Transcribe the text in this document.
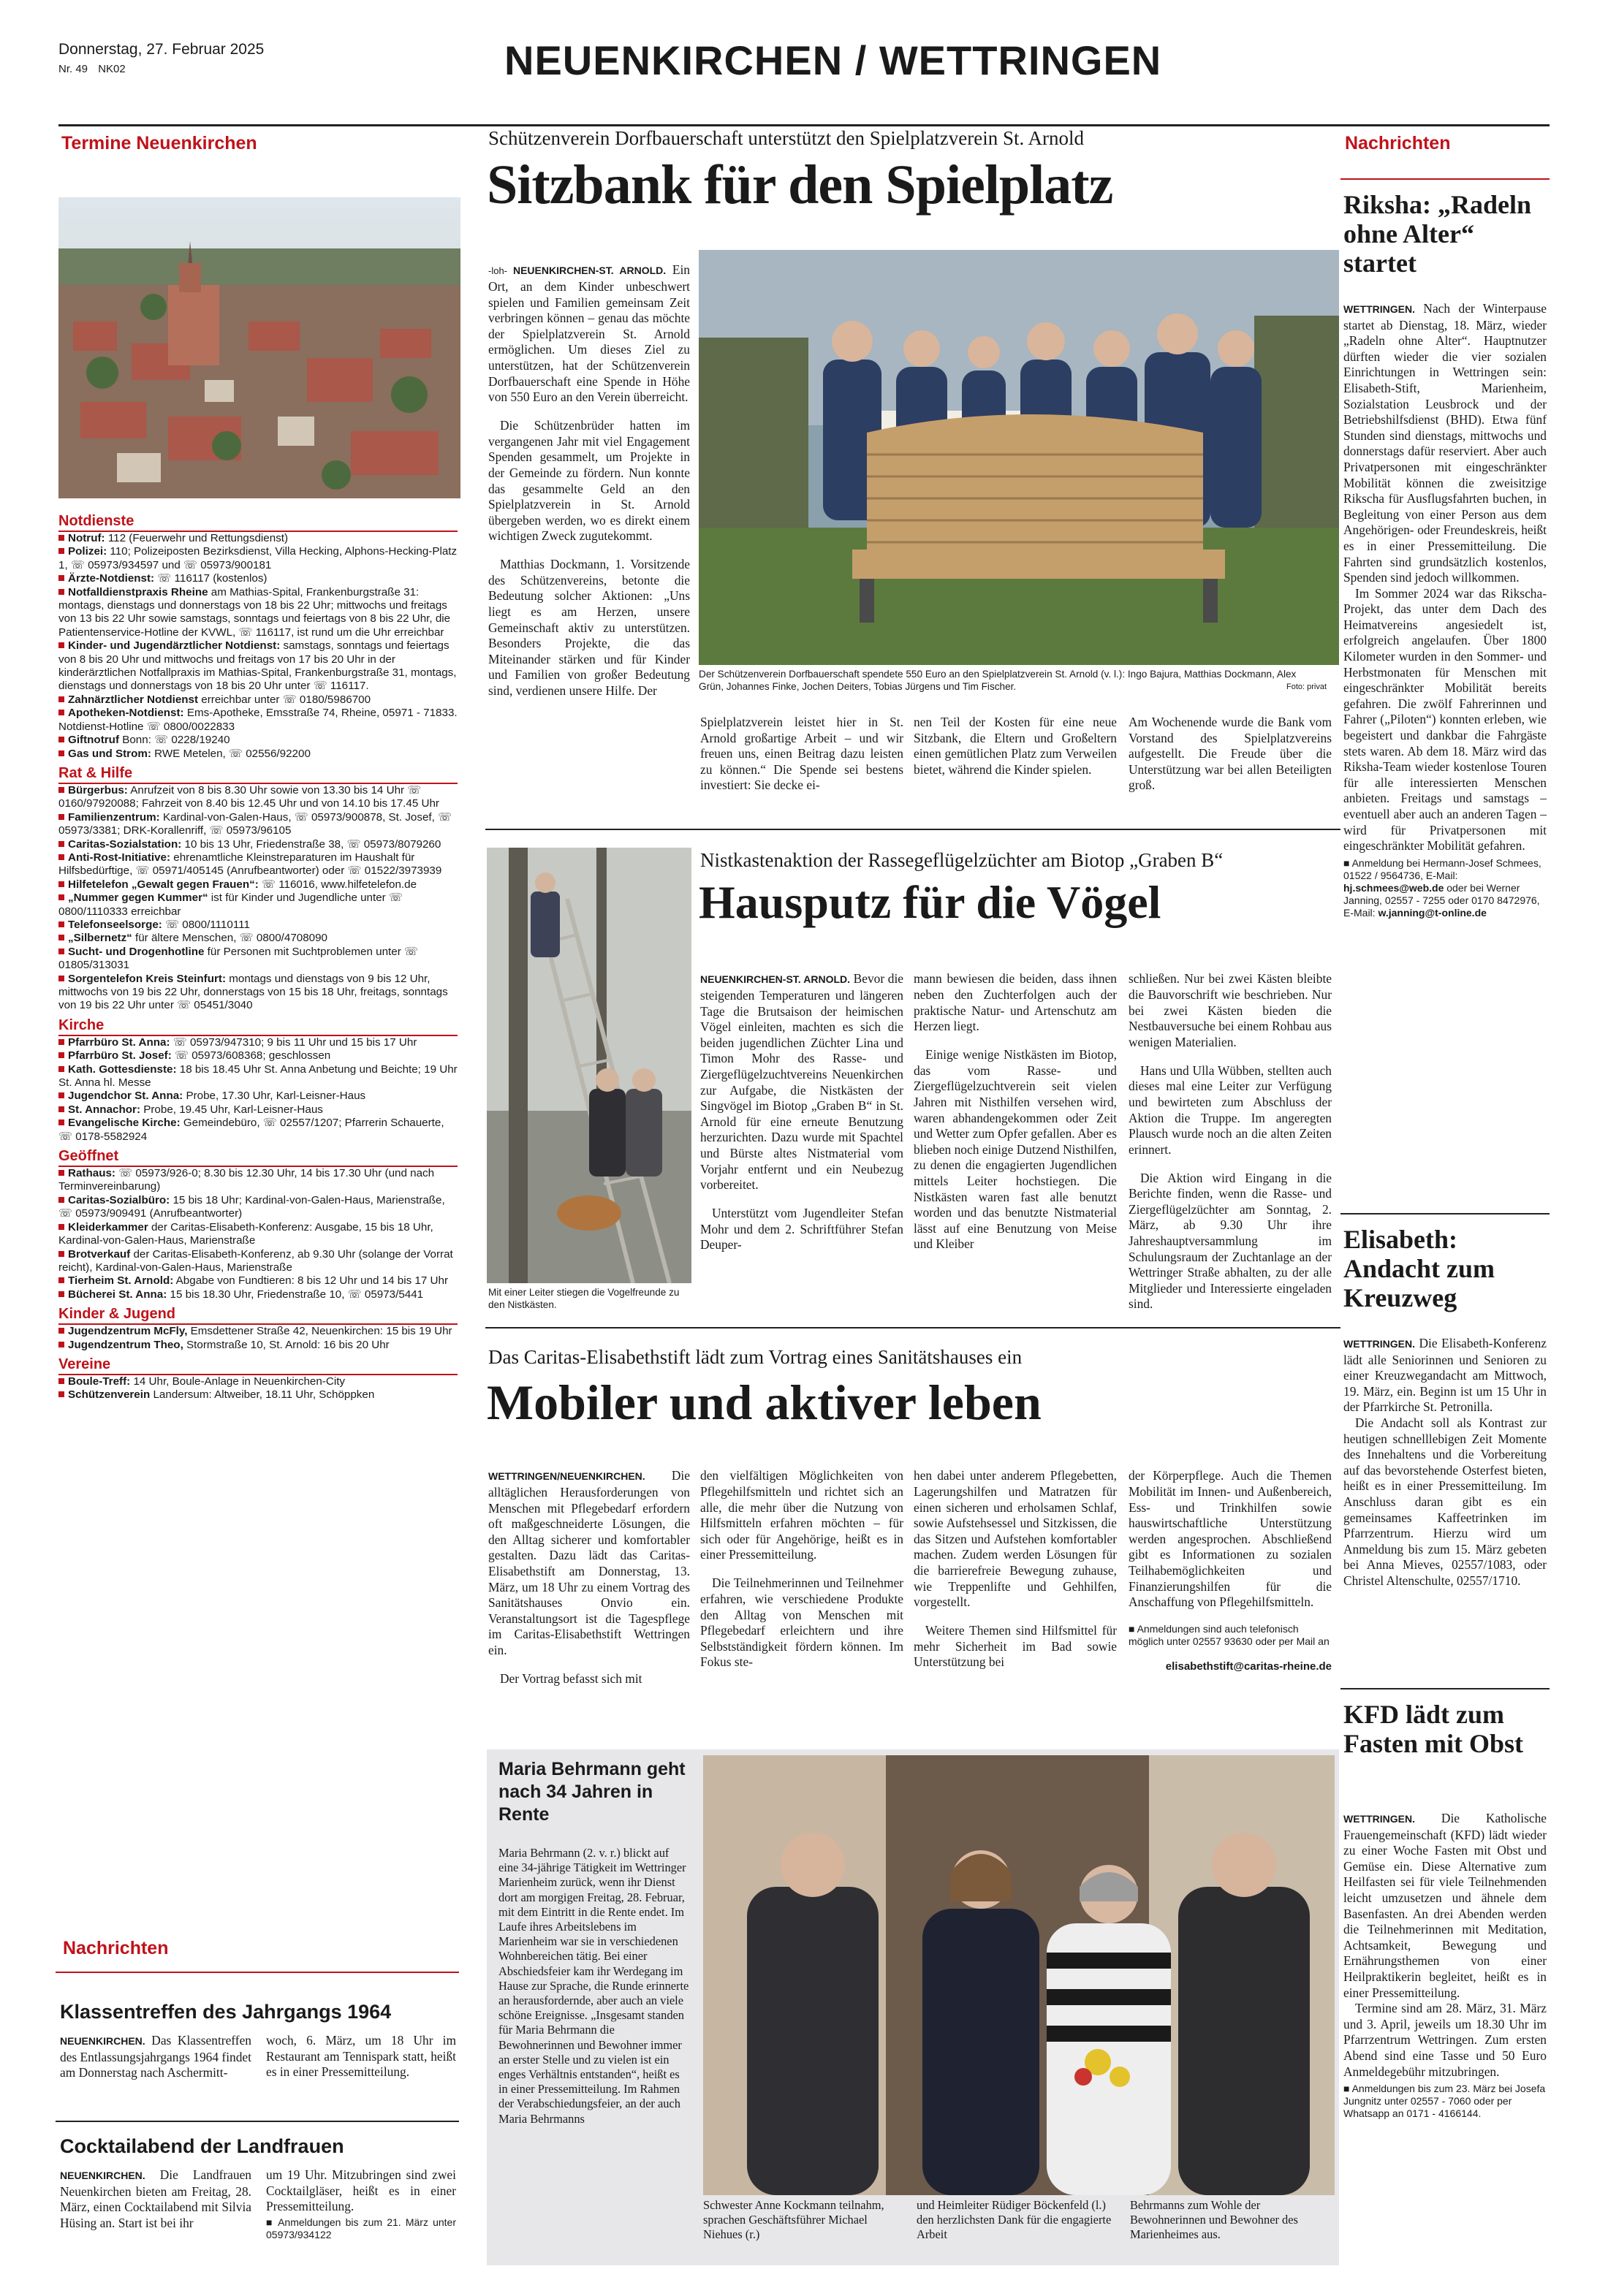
Donnerstag, 27. Februar 2025
Nr. 49 NK02	NEUENKIRCHEN / WETTRINGEN
Termine Neuenkirchen
Notdienste
Notruf: 112 (Feuerwehr und Rettungsdienst)
Polizei: 110; Polizeiposten Bezirksdienst, Villa Hecking, Alphons-Hecking-Platz 1, ☏ 05973/934597 und ☏ 05973/900181
Ärzte-Notdienst: ☏ 116117 (kostenlos)
Notfalldienstpraxis Rheine am Mathias-Spital, Frankenburgstraße 31: montags, dienstags und donnerstags von 18 bis 22 Uhr; mittwochs und freitags von 13 bis 22 Uhr sowie samstags, sonntags und feiertags von 8 bis 22 Uhr, die Patientenservice-Hotline der KVWL, ☏ 116117, ist rund um die Uhr erreichbar
Kinder- und Jugendärztlicher Notdienst: samstags, sonntags und feiertags von 8 bis 20 Uhr und mittwochs und freitags von 17 bis 20 Uhr in der kinderärztlichen Notfallpraxis im Mathias-Spital, Frankenburgstraße 31, montags, dienstags und donnerstags von 18 bis 20 Uhr unter ☏ 116117.
Zahnärztlicher Notdienst erreichbar unter ☏ 0180/5986700
Apotheken-Notdienst: Ems-Apotheke, Emsstraße 74, Rheine, 05971 - 71833. Notdienst-Hotline ☏ 0800/0022833
Giftnotruf Bonn: ☏ 0228/19240
Gas und Strom: RWE Metelen, ☏ 02556/92200
Rat & Hilfe
Bürgerbus: Anrufzeit von 8 bis 8.30 Uhr sowie von 13.30 bis 14 Uhr ☏ 0160/97920088; Fahrzeit von 8.40 bis 12.45 Uhr und von 14.10 bis 17.45 Uhr
Familienzentrum: Kardinal-von-Galen-Haus, ☏ 05973/900878, St. Josef, ☏ 05973/3381; DRK-Korallenriff, ☏ 05973/96105
Caritas-Sozialstation: 10 bis 13 Uhr, Friedenstraße 38, ☏ 05973/8079260
Anti-Rost-Initiative: ehrenamtliche Kleinstreparaturen im Haushalt für Hilfsbedürftige, ☏ 05971/405145 (Anrufbeantworter) oder ☏ 01522/3973939
Hilfetelefon „Gewalt gegen Frauen“: ☏ 116016, www.hilfetelefon.de
„Nummer gegen Kummer“ ist für Kinder und Jugendliche unter ☏ 0800/1110333 erreichbar
Telefonseelsorge: ☏ 0800/1110111
„Silbernetz“ für ältere Menschen, ☏ 0800/4708090
Sucht- und Drogenhotline für Personen mit Suchtproblemen unter ☏ 01805/313031
Sorgentelefon Kreis Steinfurt: montags und dienstags von 9 bis 12 Uhr, mittwochs von 19 bis 22 Uhr, donnerstags von 15 bis 18 Uhr, freitags, sonntags von 19 bis 22 Uhr unter ☏ 05451/3040
Kirche
Pfarrbüro St. Anna: ☏ 05973/947310; 9 bis 11 Uhr und 15 bis 17 Uhr
Pfarrbüro St. Josef: ☏ 05973/608368; geschlossen
Kath. Gottesdienste: 18 bis 18.45 Uhr St. Anna Anbetung und Beichte; 19 Uhr St. Anna hl. Messe
Jugendchor St. Anna: Probe, 17.30 Uhr, Karl-Leisner-Haus
St. Annachor: Probe, 19.45 Uhr, Karl-Leisner-Haus
Evangelische Kirche: Gemeindebüro, ☏ 02557/1207; Pfarrerin Schauerte, ☏ 0178-5582924
Geöffnet
Rathaus: ☏ 05973/926-0; 8.30 bis 12.30 Uhr, 14 bis 17.30 Uhr (und nach Terminvereinbarung)
Caritas-Sozialbüro: 15 bis 18 Uhr; Kardinal-von-Galen-Haus, Marienstraße, ☏ 05973/909491 (Anrufbeantworter)
Kleiderkammer der Caritas-Elisabeth-Konferenz: Ausgabe, 15 bis 18 Uhr, Kardinal-von-Galen-Haus, Marienstraße
Brotverkauf der Caritas-Elisabeth-Konferenz, ab 9.30 Uhr (solange der Vorrat reicht), Kardinal-von-Galen-Haus, Marienstraße
Tierheim St. Arnold: Abgabe von Fundtieren: 8 bis 12 Uhr und 14 bis 17 Uhr
Bücherei St. Anna: 15 bis 18.30 Uhr, Friedenstraße 10, ☏ 05973/5441
Kinder & Jugend
Jugendzentrum McFly, Emsdettener Straße 42, Neuenkirchen: 15 bis 19 Uhr
Jugendzentrum Theo, Stormstraße 10, St. Arnold: 16 bis 20 Uhr
Vereine
Boule-Treff: 14 Uhr, Boule-Anlage in Neuenkirchen-City
Schützenverein Landersum: Altweiber, 18.11 Uhr, Schöppken
Nachrichten
Klassentreffen des Jahrgangs 1964
NEUENKIRCHEN. Das Klassentreffen des Entlassungsjahrgangs 1964 findet am Donnerstag nach Aschermitt-
woch, 6. März, um 18 Uhr im Restaurant am Tennispark statt, heißt es in einer Pressemitteilung.
Cocktailabend der Landfrauen
NEUENKIRCHEN. Die Landfrauen Neuenkirchen bieten am Freitag, 28. März, einen Cocktailabend mit Silvia Hüsing an. Start ist bei ihr
um 19 Uhr. Mitzubringen sind zwei Cocktailgläser, heißt es in einer Pressemitteilung.
■ Anmeldungen bis zum 21. März unter 05973/934122
Schützenverein Dorfbauerschaft unterstützt den Spielplatzverein St. Arnold
Sitzbank für den Spielplatz

-loh- NEUENKIRCHEN-ST. ARNOLD. Ein Ort, an dem Kinder unbeschwert spielen und Familien gemeinsam Zeit verbringen können – genau das möchte der Spielplatzverein St. Arnold ermöglichen. Um dieses Ziel zu unterstützen, hat der Schützenverein Dorfbauerschaft eine Spende in Höhe von 550 Euro an den Verein überreicht.

Die Schützenbrüder hatten im vergangenen Jahr mit viel Engagement Spenden gesammelt, um Projekte in der Gemeinde zu fördern. Nun konnte das gesammelte Geld an den Spielplatzverein in St. Arnold übergeben werden, wo es direkt einem wichtigen Zweck zugutekommt.

Matthias Dockmann, 1. Vorsitzende des Schützenvereins, betonte die Bedeutung solcher Aktionen: „Uns liegt es am Herzen, unsere Gemeinschaft aktiv zu unterstützen. Besonders Projekte, die das Miteinander stärken und für Kinder und Familien von großer Bedeutung sind, verdienen unsere Hilfe. Der

Der Schützenverein Dorfbauerschaft spendete 550 Euro an den Spielplatzverein St. Arnold (v. l.): Ingo Bajura, Matthias Dockmann, Alex Grün, Johannes Finke, Jochen Deiters, Tobias Jürgens und Tim Fischer.	Foto: privat
Spielplatzverein leistet hier in St. Arnold großartige Arbeit – und wir freuen uns, einen Beitrag dazu leisten zu können.“ Die Spende sei bestens investiert: Sie decke ei-
nen Teil der Kosten für eine neue Sitzbank, die Eltern und Großeltern einen gemütlichen Platz zum Verweilen bietet, während die Kinder spielen.
Am Wochenende wurde die Bank vom Vorstand des Spielplatzvereins aufgestellt. Die Freude über die Unterstützung war bei allen Beteiligten groß.
Mit einer Leiter stiegen die Vogelfreunde zu den Nistkästen.
Nistkastenaktion der Rassegeflügelzüchter am Biotop „Graben B“
Hausputz für die Vögel

NEUENKIRCHEN-ST. ARNOLD. Bevor die steigenden Temperaturen und längeren Tage die Brutsaison der heimischen Vögel einleiten, machten es sich die beiden jugendlichen Züchter Lina und Timon Mohr des Rasse- und Ziergeflügelzuchtvereins Neuenkirchen zur Aufgabe, die Nistkästen der Singvögel im Biotop „Graben B“ in St. Arnold für eine erneute Benutzung herzurichten. Dazu wurde mit Spachtel und Bürste altes Nistmaterial vom Vorjahr entfernt und ein Neubezug vorbereitet.

Unterstützt vom Jugendleiter Stefan Mohr und dem 2. Schriftführer Stefan Deuper-

mann bewiesen die beiden, dass ihnen neben den Zuchterfolgen auch der praktische Natur- und Artenschutz am Herzen liegt.

Einige wenige Nistkästen im Biotop, das vom Rasse- und Ziergeflügelzuchtverein seit vielen Jahren mit Nisthilfen versehen wird, waren abhandengekommen oder Zeit und Wetter zum Opfer gefallen. Aber es blieben noch einige Dutzend Nisthilfen, zu denen die engagierten Jugendlichen mittels Leiter hochstiegen. Die Nistkästen waren fast alle benutzt worden und das benutzte Nistmaterial lässt auf eine Benutzung von Meise und Kleiber

schließen. Nur bei zwei Kästen bleibte die Bauvorschrift wie beschrieben. Nur bei zwei Kästen bieden die Nestbauversuche bei einem Rohbau aus wenigen Materialien.

Hans und Ulla Wübben, stellten auch dieses mal eine Leiter zur Verfügung und bewirteten zum Abschluss der Aktion die Truppe. Im angeregten Plausch wurde noch an die alten Zeiten erinnert.

Die Aktion wird Eingang in die Berichte finden, wenn die Rasse- und Ziergeflügelzüchter am Sonntag, 2. März, ab 9.30 Uhr ihre Jahreshauptversammlung im Schulungsraum der Zuchtanlage an der Wettringer Straße abhalten, zu der alle Mitglieder und Interessierte eingeladen sind.

Das Caritas-Elisabethstift lädt zum Vortrag eines Sanitätshauses ein
Mobiler und aktiver leben

WETTRINGEN/NEUENKIRCHEN. Die alltäglichen Herausforderungen von Menschen mit Pflegebedarf erfordern oft maßgeschneiderte Lösungen, die den Alltag sicherer und komfortabler gestalten. Dazu lädt das Caritas-Elisabethstift am Donnerstag, 13. März, um 18 Uhr zu einem Vortrag des Sanitätshauses Onvio ein. Veranstaltungsort ist die Tagespflege im Caritas-Elisabethstift Wettringen ein.

Der Vortrag befasst sich mit

den vielfältigen Möglichkeiten von Pflegehilfsmitteln und richtet sich an alle, die mehr über die Nutzung von Hilfsmitteln erfahren möchten – für sich oder für Angehörige, heißt es in einer Pressemitteilung.

Die Teilnehmerinnen und Teilnehmer erfahren, wie verschiedene Produkte den Alltag von Menschen mit Pflegebedarf erleichtern und ihre Selbstständigkeit fördern können. Im Fokus ste-

hen dabei unter anderem Pflegebetten, Lagerungshilfen und Matratzen für einen sicheren und erholsamen Schlaf, sowie Aufstehsessel und Sitzkissen, die das Sitzen und Aufstehen komfortabler machen. Zudem werden Lösungen für die barrierefreie Bewegung zuhause, wie Treppenlifte und Gehhilfen, vorgestellt.

Weitere Themen sind Hilfsmittel für mehr Sicherheit im Bad sowie Unterstützung bei

der Körperpflege. Auch die Themen Mobilität im Innen- und Außenbereich, Ess- und Trinkhilfen sowie hauswirtschaftliche Unterstützung werden angesprochen. Abschließend gibt es Informationen zu sozialen Teilhabemöglichkeiten und Finanzierungshilfen für die Anschaffung von Pflegehilfsmitteln.

■ Anmeldungen sind auch telefonisch möglich unter 02557 93630 oder per Mail an

elisabethstift@caritas-rheine.de

Maria Behrmann geht nach 34 Jahren in Rente
Maria Behrmann (2. v. r.) blickt auf eine 34-jährige Tätigkeit im Wettringer Marienheim zurück, wenn ihr Dienst dort am morgigen Freitag, 28. Februar, mit dem Eintritt in die Rente endet. Im Laufe ihres Arbeitslebens im Marienheim war sie in verschiedenen Wohnbereichen tätig. Bei einer Abschiedsfeier kam ihr Werdegang im Hause zur Sprache, die Runde erinnerte an herausfordernde, aber auch an viele schöne Ereignisse. „Insgesamt standen für Maria Behrmann die Bewohnerinnen und Bewohner immer an erster Stelle und zu vielen ist ein enges Verhältnis entstanden“, heißt es in einer Pressemitteilung. Im Rahmen der Verabschiedungsfeier, an der auch Maria Behrmanns
Schwester Anne Kockmann teilnahm, sprachen Geschäftsführer Michael Niehues (r.)
und Heimleiter Rüdiger Böckenfeld (l.) den herzlichsten Dank für die engagierte Arbeit
Behrmanns zum Wohle der Bewohnerinnen und Bewohner des Marienheimes aus.
Nachrichten
Riksha: „Radeln ohne Alter“ startet

WETTRINGEN. Nach der Winterpause startet ab Dienstag, 18. März, wieder „Radeln ohne Alter“. Hauptnutzer dürften wieder die vier sozialen Einrichtungen in Wettringen sein: Elisabeth-Stift, Marienheim, Sozialstation Leusbrock und der Betriebshilfsdienst (BHD). Etwa fünf Stunden sind dienstags, mittwochs und donnerstags dafür reserviert. Aber auch Privatpersonen mit eingeschränkter Mobilität können die zweisitzige Rikscha für Ausflugsfahrten buchen, in Begleitung von einer Person aus dem Angehörigen- oder Freundeskreis, heißt es in einer Pressemitteilung. Die Fahrten sind grundsätzlich kostenlos, Spenden sind jedoch willkommen.

Im Sommer 2024 war das Rikscha-Projekt, das unter dem Dach des Heimatvereins angesiedelt ist, erfolgreich angelaufen. Über 1800 Kilometer wurden in den Sommer- und Herbstmonaten für Menschen mit eingeschränkter Mobilität bereits gefahren. Die zwölf Fahrerinnen und Fahrer („Piloten“) konnten erleben, wie begeistert und dankbar die Fahrgäste stets waren. Ab dem 18. März wird das Riksha-Team wieder kostenlose Touren für alle interessierten Menschen anbieten. Freitags und samstags – eventuell aber auch an anderen Tagen – wird für Privatpersonen mit eingeschränkter Mobilität gefahren.

■ Anmeldung bei Hermann-Josef Schmees, 01522 / 9564736, E-Mail: hj.schmees@web.de oder bei Werner Janning, 02557 - 7255 oder 0170 8472976, E-Mail: w.janning@t-online.de

Elisabeth: Andacht zum Kreuzweg

WETTRINGEN. Die Elisabeth-Konferenz lädt alle Seniorinnen und Senioren zu einer Kreuzwegandacht am Mittwoch, 19. März, ein. Beginn ist um 15 Uhr in der Pfarrkirche St. Petronilla.

Die Andacht soll als Kontrast zur heutigen schnelllebigen Zeit Momente des Innehaltens und die Vorbereitung auf das bevorstehende Osterfest bieten, heißt es in einer Pressemitteilung. Im Anschluss daran gibt es ein gemeinsames Kaffeetrinken im Pfarrzentrum. Hierzu wird um Anmeldung bis zum 15. März gebeten bei Anna Mieves, 02557/1083, oder Christel Altenschulte, 02557/1710.

KFD lädt zum Fasten mit Obst

WETTRINGEN. Die Katholische Frauengemeinschaft (KFD) lädt wieder zu einer Woche Fasten mit Obst und Gemüse ein. Diese Alternative zum Heilfasten sei für viele Teilnehmenden leicht umzusetzen und ähnele dem Basenfasten. An drei Abenden werden die Teilnehmerinnen mit Meditation, Achtsamkeit, Bewegung und Ernährungsthemen von einer Heilpraktikerin begleitet, heißt es in einer Pressemitteilung.

Termine sind am 28. März, 31. März und 3. April, jeweils um 18.30 Uhr im Pfarrzentrum Wettringen. Zum ersten Abend sind eine Tasse und 50 Euro Anmeldegebühr mitzubringen.

■ Anmeldungen bis zum 23. März bei Josefa Jungnitz unter 02557 - 7060 oder per Whatsapp an 0171 - 4166144.
